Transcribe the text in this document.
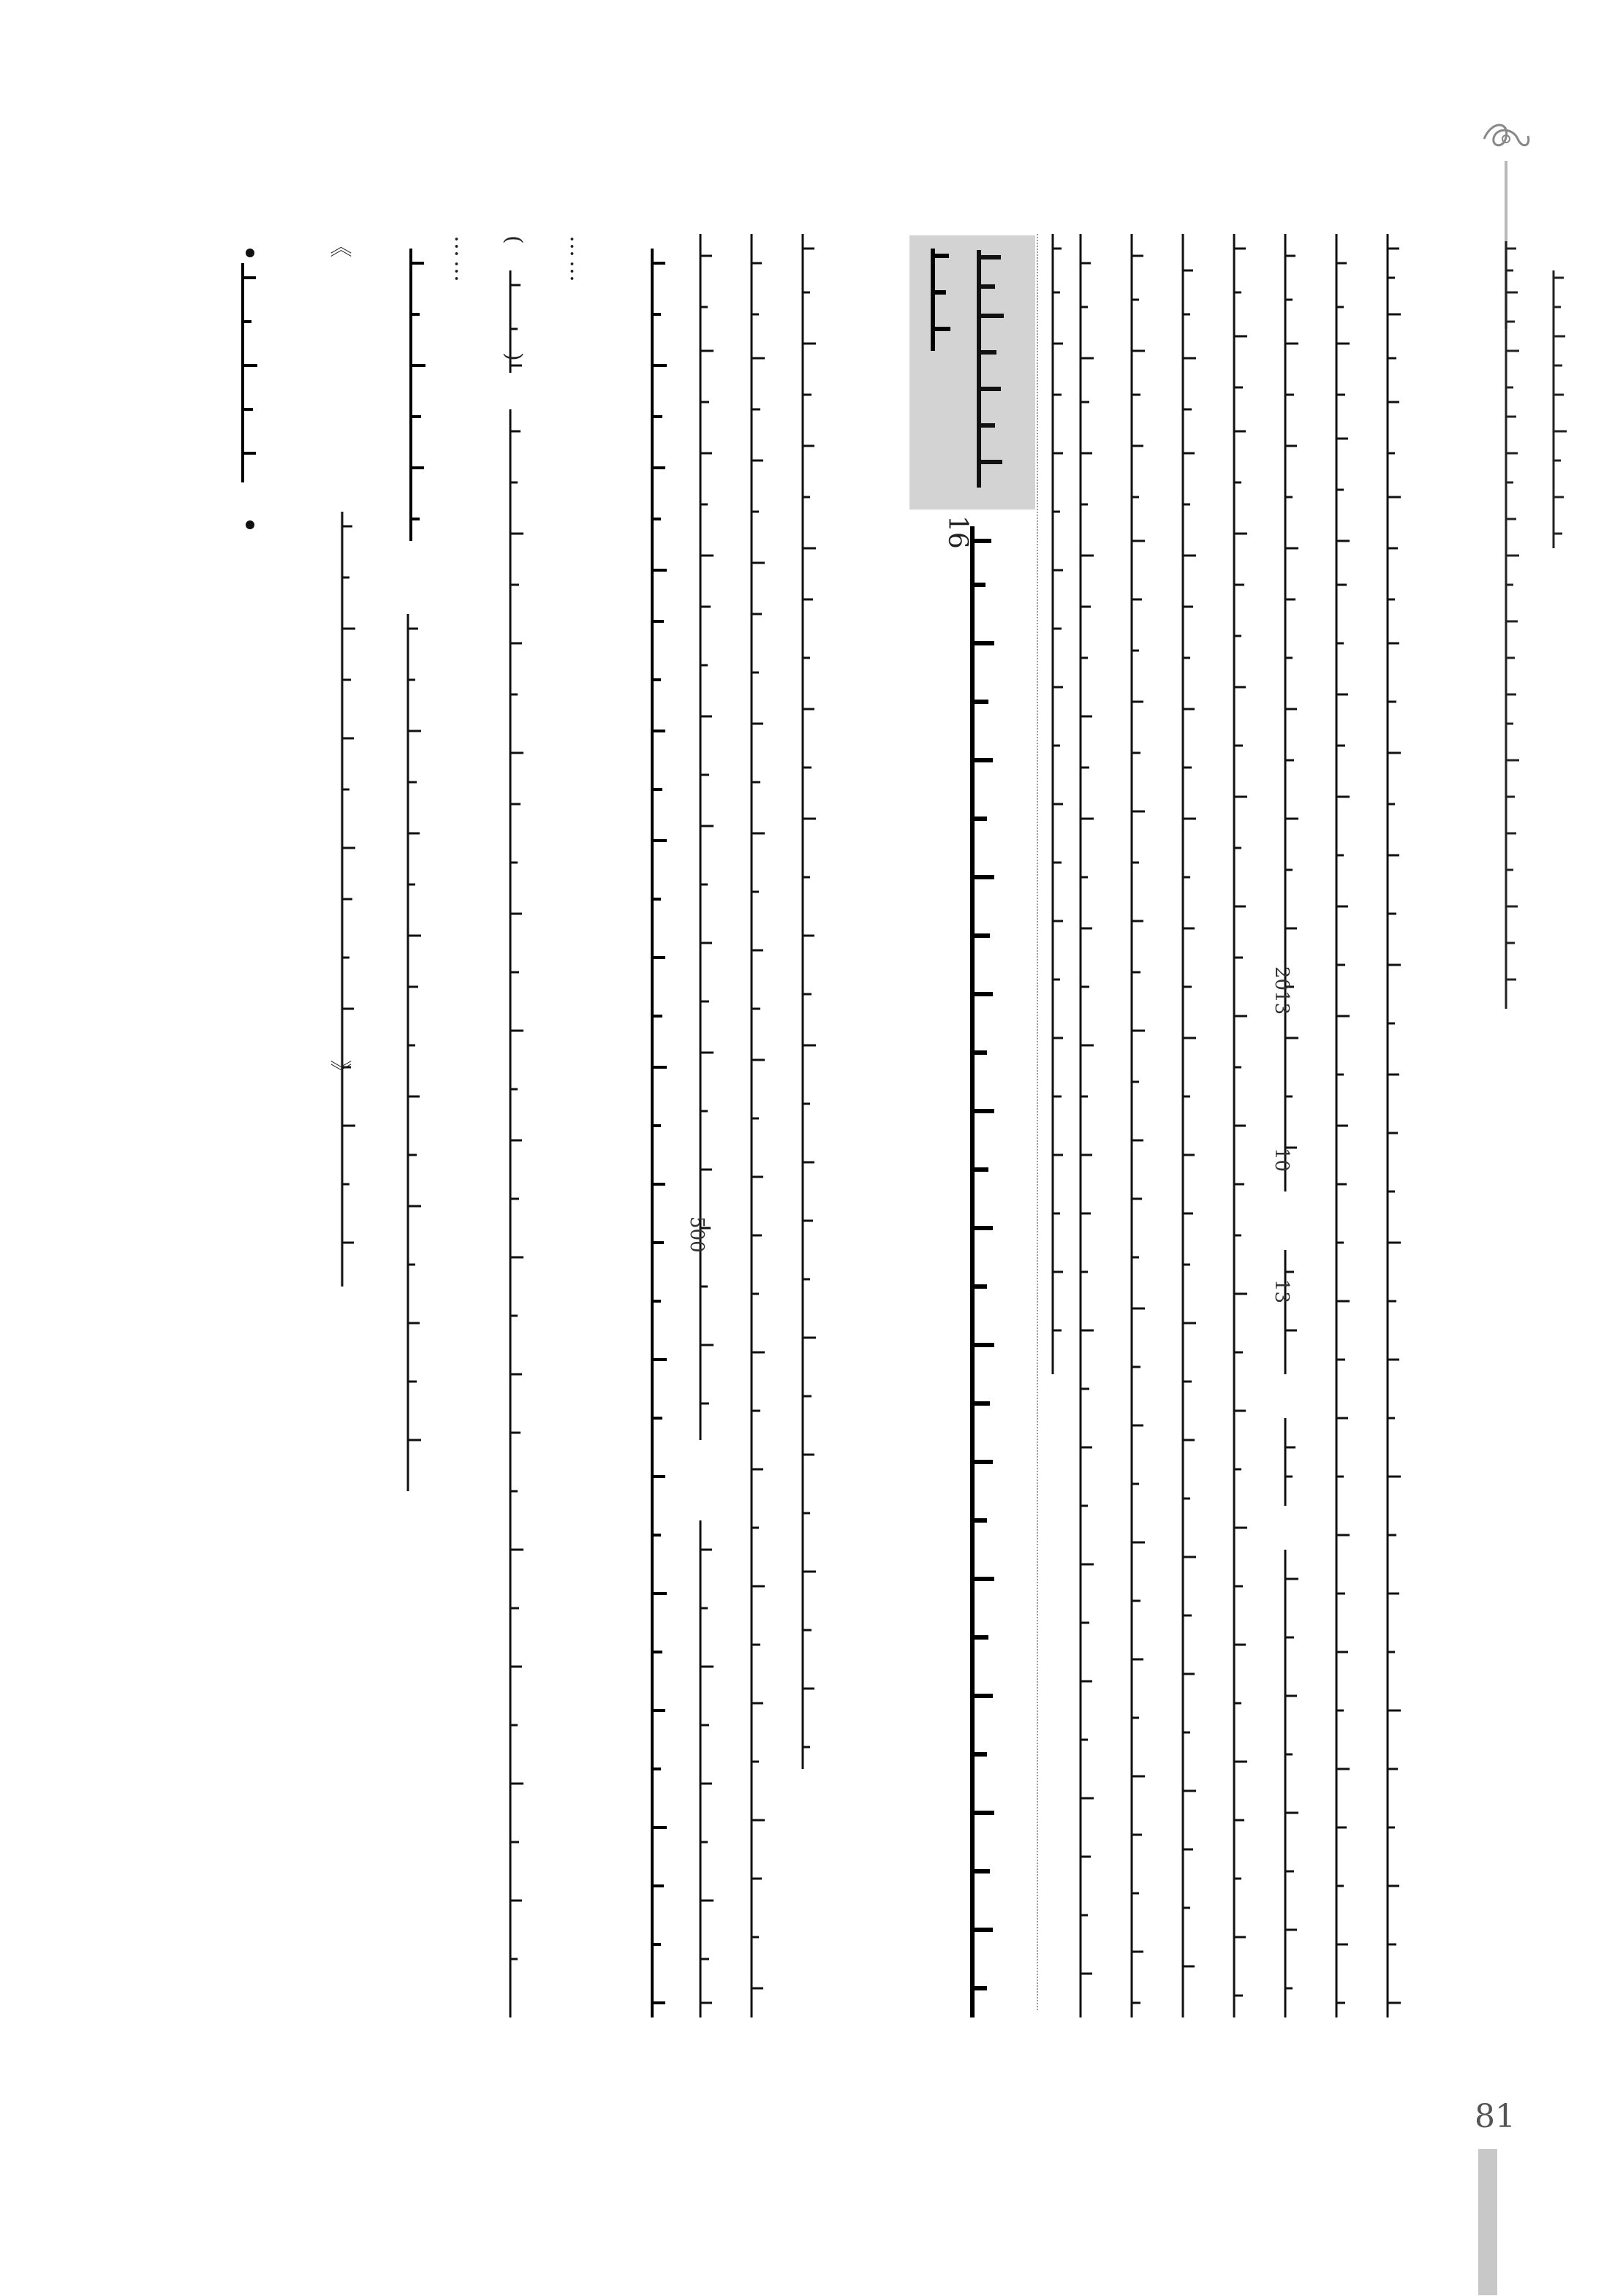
2013
10
13
16
500
……
(
)
……
《
》
81
